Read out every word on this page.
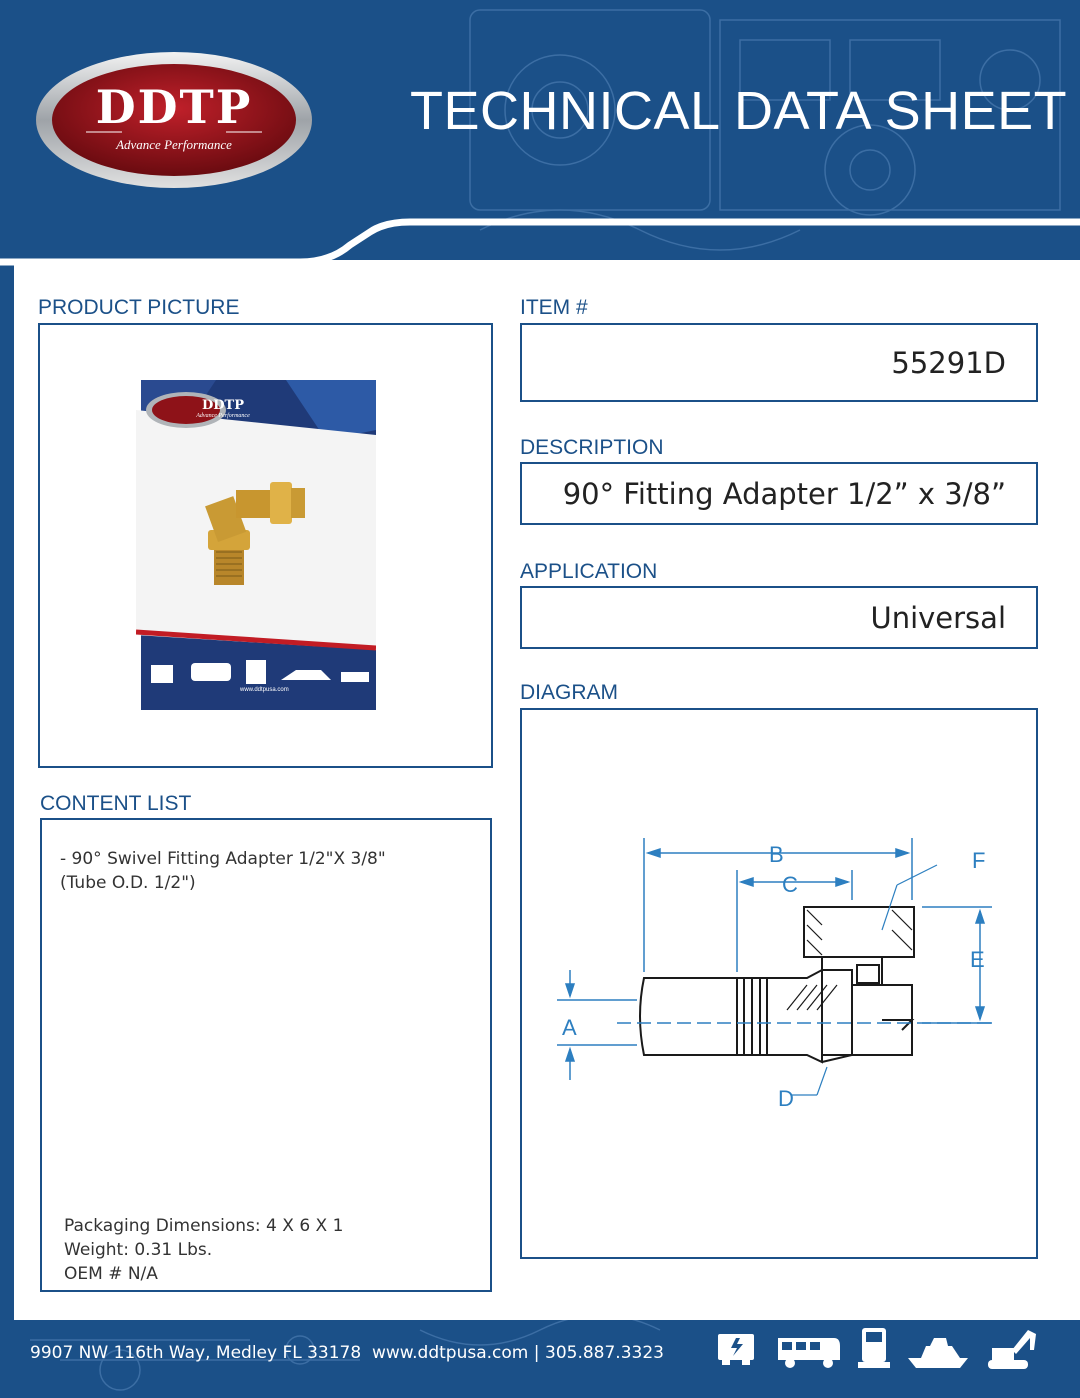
DDTP
Advance Performance
TECHNICAL DATA SHEET
PRODUCT PICTURE
DDTP
Advance Performance
www.ddtpusa.com
ITEM #
55291D
DESCRIPTION
90° Fitting Adapter 1/2” x 3/8”
APPLICATION
Universal
DIAGRAM
B
C
F
E
A
D
CONTENT LIST
- 90° Swivel Fitting Adapter 1/2"X 3/8"
(Tube O.D. 1/2")
Packaging Dimensions: 4 X 6 X 1
Weight: 0.31 Lbs.
OEM # N/A
9907 NW 116th Way, Medley FL 33178 www.ddtpusa.com | 305.887.3323
